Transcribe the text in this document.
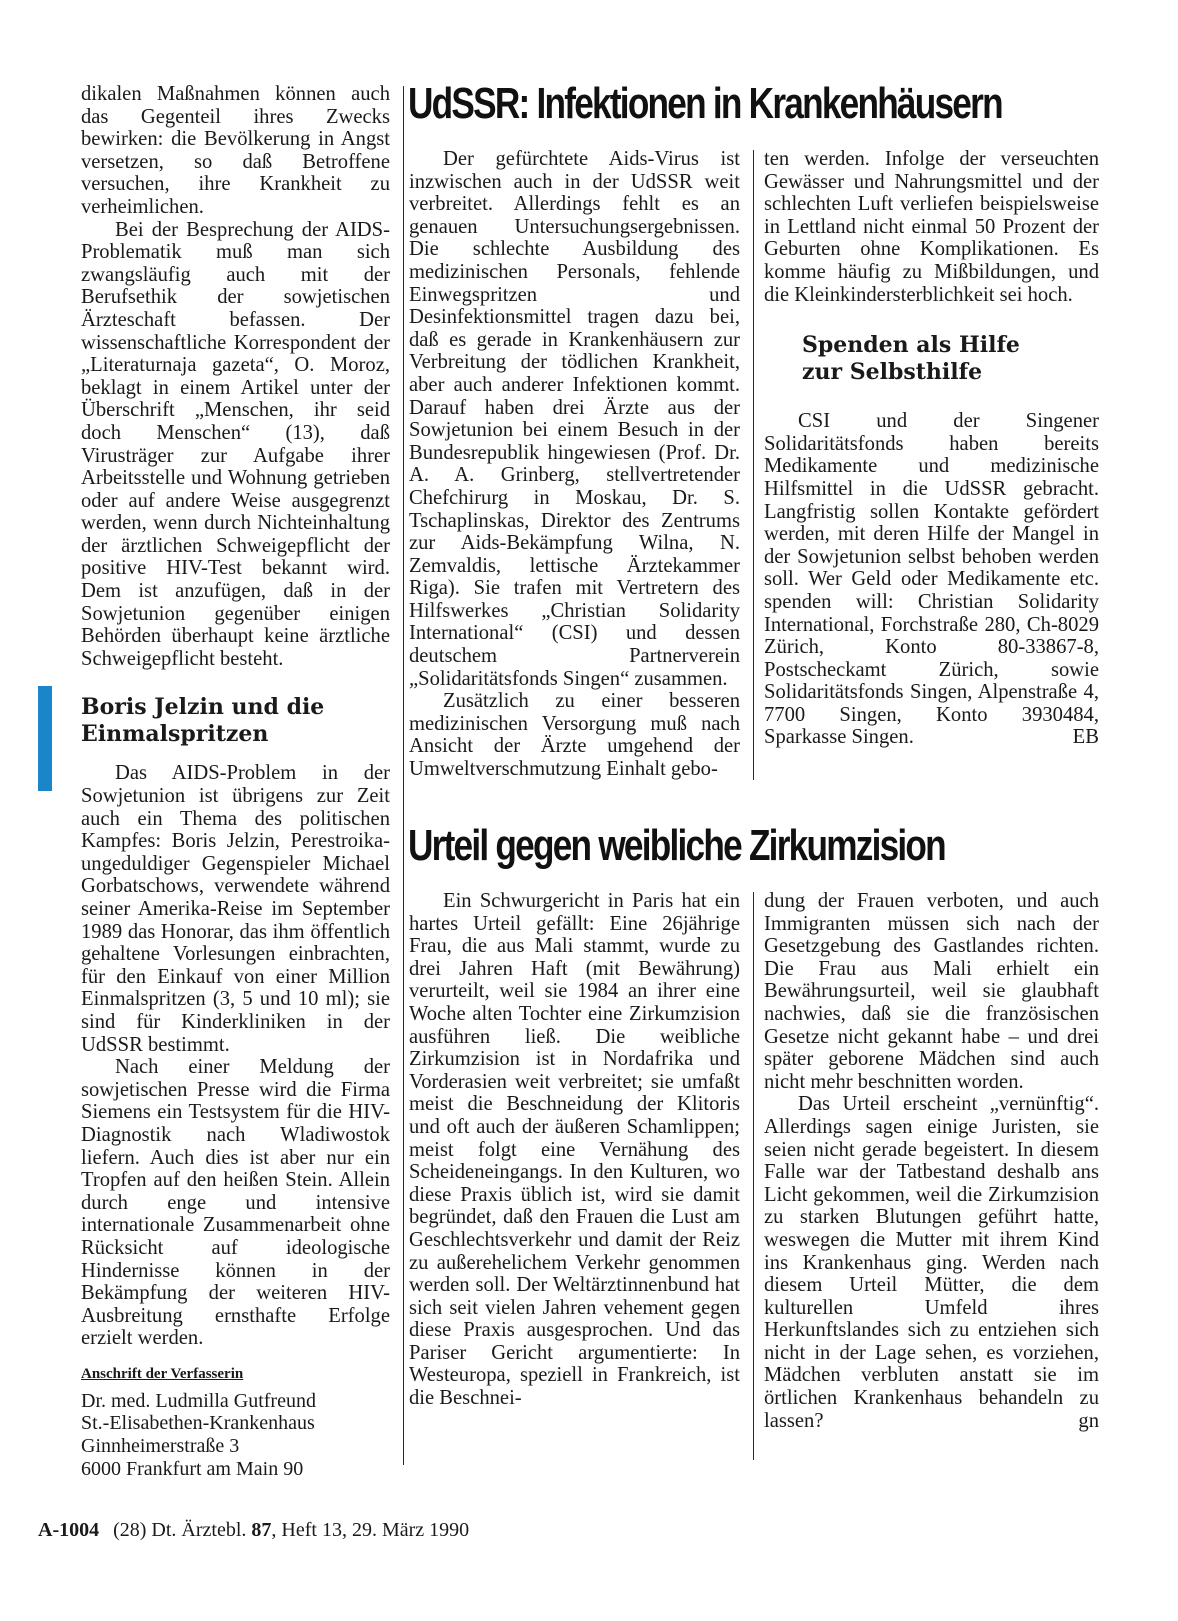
dikalen Maßnahmen können auch das Gegenteil ihres Zwecks bewirken: die Bevölkerung in Angst versetzen, so daß Betroffene versuchen, ihre Krankheit zu verheimlichen.

Bei der Besprechung der AIDS-Problematik muß man sich zwangsläufig auch mit der Berufsethik der sowjetischen Ärzteschaft befassen. Der wissenschaftliche Korrespondent der „Literaturnaja gazeta“, O. Moroz, beklagt in einem Artikel unter der Überschrift „Menschen, ihr seid doch Menschen“ (13), daß Virusträger zur Aufgabe ihrer Arbeitsstelle und Wohnung getrieben oder auf andere Weise ausgegrenzt werden, wenn durch Nichteinhaltung der ärztlichen Schweigepflicht der positive HIV-Test bekannt wird. Dem ist anzufügen, daß in der Sowjetunion gegenüber einigen Behörden überhaupt keine ärztliche Schweigepflicht besteht.

Boris Jelzin und die Einmalspritzen

Das AIDS-Problem in der Sowjetunion ist übrigens zur Zeit auch ein Thema des politischen Kampfes: Boris Jelzin, Perestroika-ungeduldiger Gegenspieler Michael Gorbatschows, verwendete während seiner Amerika-Reise im September 1989 das Honorar, das ihm öffentlich gehaltene Vorlesungen einbrachten, für den Einkauf von einer Million Einmalspritzen (3, 5 und 10 ml); sie sind für Kinderkliniken in der UdSSR bestimmt.

Nach einer Meldung der sowjetischen Presse wird die Firma Siemens ein Testsystem für die HIV-Diagnostik nach Wladiwostok liefern. Auch dies ist aber nur ein Tropfen auf den heißen Stein. Allein durch enge und intensive internationale Zusammenarbeit ohne Rücksicht auf ideologische Hindernisse können in der Bekämpfung der weiteren HIV-Ausbreitung ernsthafte Erfolge erzielt werden.

Anschrift der Verfasserin

Dr. med. Ludmilla Gutfreund

St.-Elisabethen-Krankenhaus

Ginnheimerstraße 3

6000 Frankfurt am Main 90

UdSSR: Infektionen in Krankenhäusern

Der gefürchtete Aids-Virus ist inzwischen auch in der UdSSR weit verbreitet. Allerdings fehlt es an genauen Untersuchungsergebnissen. Die schlechte Ausbildung des medizinischen Personals, fehlende Einwegspritzen und Desinfektionsmittel tragen dazu bei, daß es gerade in Krankenhäusern zur Verbreitung der tödlichen Krankheit, aber auch anderer Infektionen kommt. Darauf haben drei Ärzte aus der Sowjetunion bei einem Besuch in der Bundesrepublik hingewiesen (Prof. Dr. A. A. Grinberg, stellvertretender Chefchirurg in Moskau, Dr. S. Tschaplinskas, Direktor des Zentrums zur Aids-Bekämpfung Wilna, N. Zemvaldis, lettische Ärztekammer Riga). Sie trafen mit Vertretern des Hilfswerkes „Christian Solidarity International“ (CSI) und dessen deutschem Partnerverein „Solidaritätsfonds Singen“ zusammen.

Zusätzlich zu einer besseren medizinischen Versorgung muß nach Ansicht der Ärzte umgehend der Umweltverschmutzung Einhalt gebo-

ten werden. Infolge der verseuchten Gewässer und Nahrungsmittel und der schlechten Luft verliefen beispielsweise in Lettland nicht einmal 50 Prozent der Geburten ohne Komplikationen. Es komme häufig zu Mißbildungen, und die Kleinkindersterblichkeit sei hoch.

Spenden als Hilfe zur Selbsthilfe

CSI und der Singener Solidaritätsfonds haben bereits Medikamente und medizinische Hilfsmittel in die UdSSR gebracht. Langfristig sollen Kontakte gefördert werden, mit deren Hilfe der Mangel in der Sowjetunion selbst behoben werden soll. Wer Geld oder Medikamente etc. spenden will: Christian Solidarity International, Forchstraße 280, Ch-8029 Zürich, Konto 80-33867-8, Postscheckamt Zürich, sowie Solidaritätsfonds Singen, Alpenstraße 4, 7700 Singen, Konto 3930484, Sparkasse Singen.	EB

Urteil gegen weibliche Zirkumzision

Ein Schwurgericht in Paris hat ein hartes Urteil gefällt: Eine 26jährige Frau, die aus Mali stammt, wurde zu drei Jahren Haft (mit Bewährung) verurteilt, weil sie 1984 an ihrer eine Woche alten Tochter eine Zirkumzision ausführen ließ. Die weibliche Zirkumzision ist in Nordafrika und Vorderasien weit verbreitet; sie umfaßt meist die Beschneidung der Klitoris und oft auch der äußeren Schamlippen; meist folgt eine Vernähung des Scheideneingangs. In den Kulturen, wo diese Praxis üblich ist, wird sie damit begründet, daß den Frauen die Lust am Geschlechtsverkehr und damit der Reiz zu außerehelichem Verkehr genommen werden soll. Der Weltärztinnenbund hat sich seit vielen Jahren vehement gegen diese Praxis ausgesprochen. Und das Pariser Gericht argumentierte: In Westeuropa, speziell in Frankreich, ist die Beschnei-

dung der Frauen verboten, und auch Immigranten müssen sich nach der Gesetzgebung des Gastlandes richten. Die Frau aus Mali erhielt ein Bewährungsurteil, weil sie glaubhaft nachwies, daß sie die französischen Gesetze nicht gekannt habe – und drei später geborene Mädchen sind auch nicht mehr beschnitten worden.

Das Urteil erscheint „vernünftig“. Allerdings sagen einige Juristen, sie seien nicht gerade begeistert. In diesem Falle war der Tatbestand deshalb ans Licht gekommen, weil die Zirkumzision zu starken Blutungen geführt hatte, weswegen die Mutter mit ihrem Kind ins Krankenhaus ging. Werden nach diesem Urteil Mütter, die dem kulturellen Umfeld ihres Herkunftslandes sich zu entziehen sich nicht in der Lage sehen, es vorziehen, Mädchen verbluten anstatt sie im örtlichen Krankenhaus behandeln zu lassen?	gn

A-1004 (28) Dt. Ärztebl. 87, Heft 13, 29. März 1990
